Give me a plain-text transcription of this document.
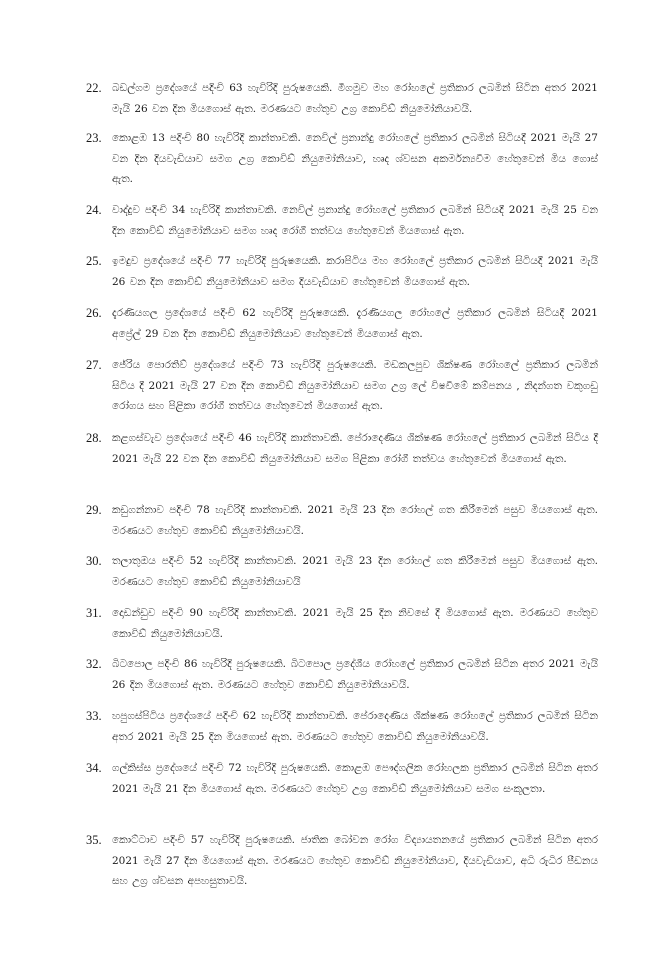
22. බඩල්ගම ප්‍රදේශයේ පදිංචි 63 හැවිරිදි පුරුෂයෙකි. මීගමුව මහ රෝහලේ ප්‍රතිකාර ලබමින් සිටින අතර 2021 මැයි 26 වන දින මියගොස් ඇත. මරණයට හේතුව උග්‍ර කොවිඩ් නියුමෝනියාවයි.
23. කොළඹ 13 පදිංචි 80 හැවිරිදි කාන්තාවකි. නෙවිල් ප්‍රනාන්දු රෝහලේ ප්‍රතිකාර ලබමින් සිටියදී 2021 මැයි 27 වන දින දියවැඩියාව සමග උග්‍ර කොවිඩ් නියුමෝනියාව, හෘද ශ්වසන අකර්මන්‍යවීම හේතුවෙන් මිය ගොස් ඇත.
24. වාද්දුව පදිංචි 34 හැවිරිදි කාන්තාවකි. නෙවිල් ප්‍රනාන්දු රෝහලේ ප්‍රතිකාර ලබමින් සිටියදී 2021 මැයි 25 වන දින කොවිඩ් නියුමෝනියාව සමග හෘද රෝගී තත්වය හේතුවෙන් මියගොස් ඇත.
25. ඉමදුව ප්‍රදේශයේ පදිංචි 77 හැවිරිදි පුරුෂයෙකි. කරාපිටිය මහ රෝහලේ ප්‍රතිකාර ලබමින් සිටියදී 2021 මැයි 26 වන දින කොවිඩ් නියුමෝනියාව සමග දියවැඩියාව හේතුවෙන් මියගොස් ඇත.
26. දැරණියගල ප්‍රදේශයේ පදිංචි 62 හැවිරිදි පුරුෂයෙකි. දැරණියගල රෝහලේ ප්‍රතිකාර ලබමින් සිටියදී 2021 අප්‍රේල් 29 වන දින කොවිඩ් නියුමෝනියාව හේතුවෙන් මියගොස් ඇත.
27. ජේරිය පොරතිව් ප්‍රදේශයේ පදිංචි 73 හැවිරිදි පුරුෂයෙකි. මඩකලපුව ශික්ෂණ රෝහලේ ප්‍රතිකාර ලබමින් සිටිය දී 2021 මැයි 27 වන දින කොවිඩ් නියුමෝනියාව සමග උග්‍ර ලේ විෂවීමේ කම්පනය , නිදන්ගත වකුගඩු රෝගය සහ පිළිකා රෝගී තත්වය හේතුවෙන් මියගොස් ඇත.
28. කළගස්වැව ප්‍රදේශයේ පදිංචි 46 හැවිරිදි කාන්තාවකි. පේරාදෙණිය ශික්ෂණ රෝහලේ ප්‍රතිකාර ලබමින් සිටිය දී 2021 මැයි 22 වන දින කොවිඩ් නියුමෝනියාව සමග පිළිකා රෝගී තත්වය හේතුවෙන් මියගොස් ඇත.
29. කඩුගන්නාව පදිංචි 78 හැවිරිදි කාන්තාවකි. 2021 මැයි 23 දින රෝහල් ගත කිරීමෙන් පසුව මියගොස් ඇත. මරණයට හේතුව කොවිඩ් නියුමෝනියාවයි.
30. තලාතුඔය පදිංචි 52 හැවිරිදි කාන්තාවකි. 2021 මැයි 23 දින රෝහල් ගත කිරීමෙන් පසුව මියගොස් ඇත. මරණයට හේතුව කොවිඩ් නියුමෝනියාවයි
31. දොඩන්ඩුව පදිංචි 90 හැවිරිදි කාන්තාවකි. 2021 මැයි 25 දින නිවසේ දී මියගොස් ඇත. මරණයට හේතුව කොවිඩ් නියුමෝනියාවයි.
32. බිටපොල පදිංචි 86 හැවිරිදි පුරුෂයෙකි. බිටපොල ප්‍රදේශීය රෝහලේ ප්‍රතිකාර ලබමින් සිටින අතර 2021 මැයි 26 දින මියගොස් ඇත. මරණයට හේතුව කොවිඩ් නියුමෝනියාවයි.
33. හපුගස්පිටිය ප්‍රදේශයේ පදිංචි 62 හැවිරිදි කාන්තාවකි. පේරාදෙණිය ශික්ෂණ රෝහලේ ප්‍රතිකාර ලබමින් සිටින අතර 2021 මැයි 25 දින මියගොස් ඇත. මරණයට හේතුව කොවිඩ් නියුමෝනියාවයි.
34. ගල්කිස්ස ප්‍රදේශයේ පදිංචි 72 හැවිරිදි පුරුෂයෙකි. කොළඹ පෞද්ගලික රෝහලක ප්‍රතිකාර ලබමින් සිටින අතර 2021 මැයි 21 දින මියගොස් ඇත. මරණයට හේතුව උග්‍ර කොවිඩ් නියුමෝනියාව සමග සංකූලතා.
35. කොට්ටාව පදිංචි 57 හැවිරිදි පුරුෂයෙකි. ජාතික බෝවන රෝග විද්‍යායතනයේ ප්‍රතිකාර ලබමින් සිටින අතර 2021 මැයි 27 දින මියගොස් ඇත. මරණයට හේතුව කොවිඩ් නියුමෝනියාව, දියවැඩියාව, අධි රුධිර පීඩනය සහ උග්‍ර ශ්වසන අපහසුතාවයි.
